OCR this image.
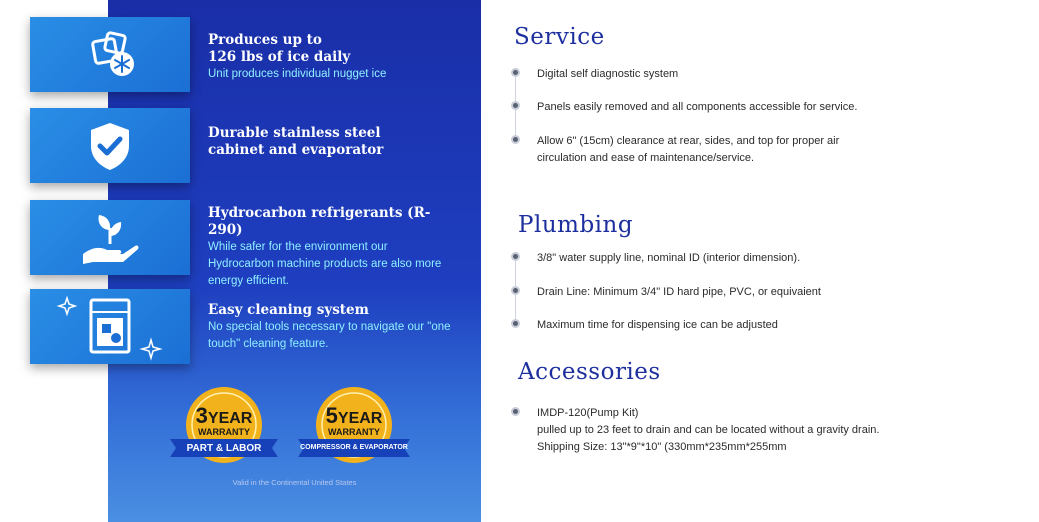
Produces up to
126 lbs of ice daily
Unit produces individual nugget ice
Durable stainless steel
cabinet and evaporator
Hydrocarbon refrigerants (R-290)
While safer for the environment our Hydrocarbon machine products are also more energy efficient.
Easy cleaning system
No special tools necessary to navigate our "one touch" cleaning feature.
3YEAR
WARRANTY
PART & LABOR
5YEAR
WARRANTY
COMPRESSOR & EVAPORATOR
Valid in the Continental United States
Service
Digital self diagnostic system
Panels easily removed and all components accessible for service.
Allow 6" (15cm) clearance at rear, sides, and top for proper air
circulation and ease of maintenance/service.
Plumbing
3/8" water supply line, nominal ID (interior dimension).
Drain Line: Minimum 3/4" ID hard pipe, PVC, or equivaient
Maximum time for dispensing ice can be adjusted
Accessories
IMDP-120(Pump Kit)
pulled up to 23 feet to drain and can be located without a gravity drain.
Shipping Size: 13"*9"*10" (330mm*235mm*255mm
